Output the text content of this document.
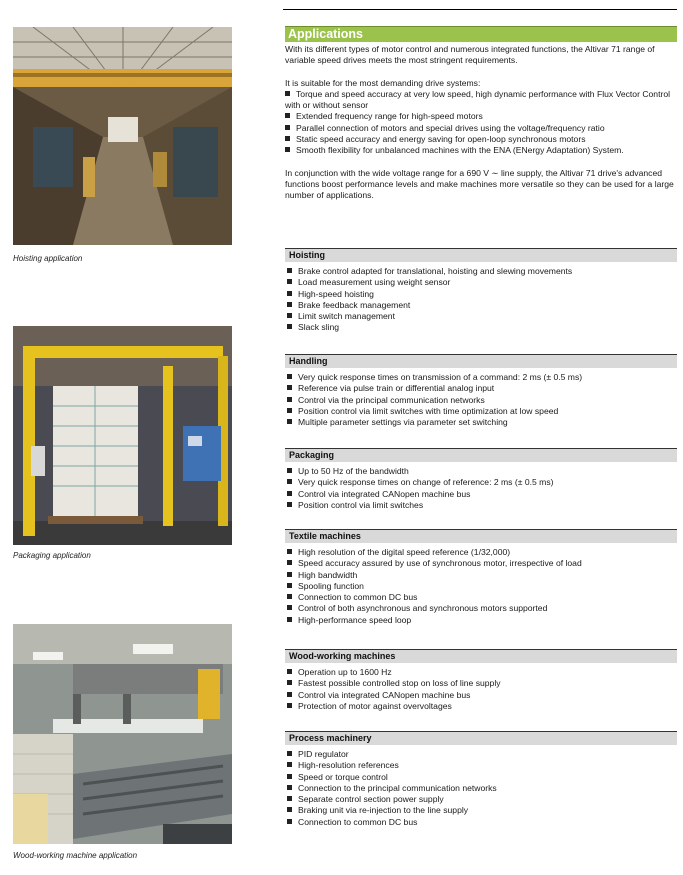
Hoisting application
Packaging application
Wood-working machine application
Applications

With its different types of motor control and numerous integrated functions, the Altivar 71 range of variable speed drives meets the most stringent requirements.

It is suitable for the most demanding drive systems:

Torque and speed accuracy at very low speed, high dynamic performance with Flux Vector Control with or without sensor
Extended frequency range for high-speed motors
Parallel connection of motors and special drives using the voltage/frequency ratio
Static speed accuracy and energy saving for open-loop synchronous motors
Smooth flexibility for unbalanced machines with the ENA (ENergy Adaptation) System.

In conjunction with the wide voltage range for a 690 V ∼ line supply, the Altivar 71 drive's advanced functions boost performance levels and make machines more versatile so they can be used for a large number of applications.

Hoisting
Brake control adapted for translational, hoisting and slewing movements
Load measurement using weight sensor
High-speed hoisting
Brake feedback management
Limit switch management
Slack sling
Handling
Very quick response times on transmission of a command: 2 ms (± 0.5 ms)
Reference via pulse train or differential analog input
Control via the principal communication networks
Position control via limit switches with time optimization at low speed
Multiple parameter settings via parameter set switching
Packaging
Up to 50 Hz of the bandwidth
Very quick response times on change of reference: 2 ms (± 0.5 ms)
Control via integrated CANopen machine bus
Position control via limit switches
Textile machines
High resolution of the digital speed reference (1/32,000)
Speed accuracy assured by use of synchronous motor, irrespective of load
High bandwidth
Spooling function
Connection to common DC bus
Control of both asynchronous and synchronous motors supported
High-performance speed loop
Wood-working machines
Operation up to 1600 Hz
Fastest possible controlled stop on loss of line supply
Control via integrated CANopen machine bus
Protection of motor against overvoltages
Process machinery
PID regulator
High-resolution references
Speed or torque control
Connection to the principal communication networks
Separate control section power supply
Braking unit via re-injection to the line supply
Connection to common DC bus
